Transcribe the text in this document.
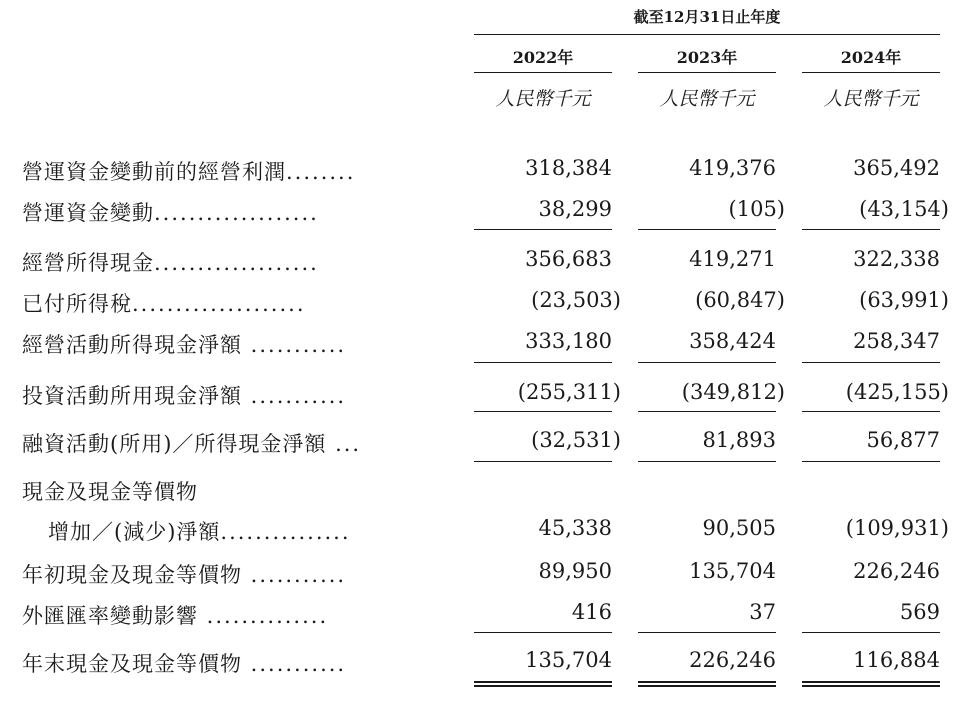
截至12月31日止年度
2022年	2023年	2024年
人民幣千元	人民幣千元	人民幣千元
營運資金變動前的經營利潤........	318,384	419,376	365,492
營運資金變動...................	38,299	(105)	(43,154)
經營所得現金...................	356,683	419,271	322,338
已付所得稅....................	(23,503)	(60,847)	(63,991)
經營活動所得現金淨額 ...........	333,180	358,424	258,347
投資活動所用現金淨額 ...........	(255,311)	(349,812)	(425,155)
融資活動(所用)／所得現金淨額 ...	(32,531)	81,893	56,877
現金及現金等價物
增加／(減少)淨額...............	45,338	90,505	(109,931)
年初現金及現金等價物 ...........	89,950	135,704	226,246
外匯匯率變動影響 ..............	416	37	569
年末現金及現金等價物 ...........	135,704	226,246	116,884
